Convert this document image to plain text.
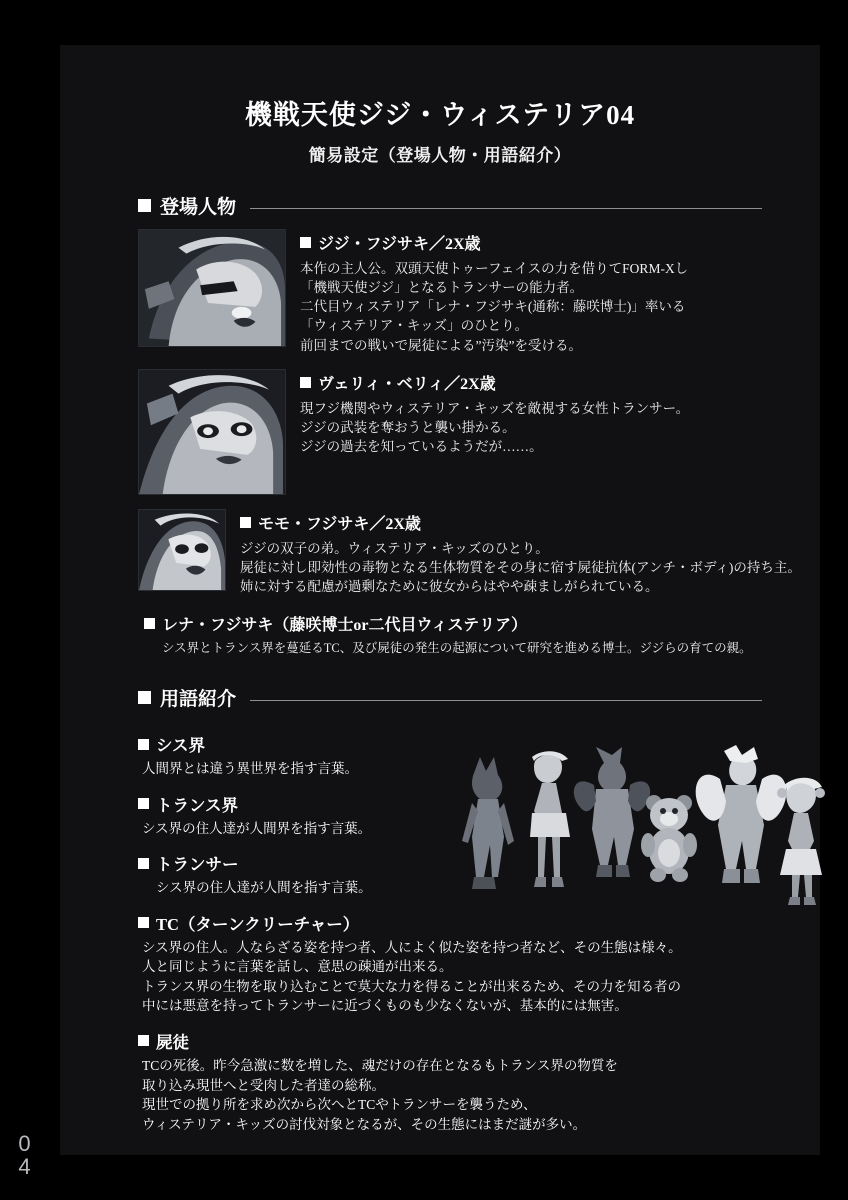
0
4
機戦天使ジジ・ウィステリア04
簡易設定（登場人物・用語紹介）
登場人物
ジジ・フジサキ／2X歳
本作の主人公。双頭天使トゥーフェイスの力を借りてFORM-Xし
「機戦天使ジジ」となるトランサーの能力者。
二代目ウィステリア「レナ・フジサキ(通称：藤咲博士)」率いる
「ウィステリア・キッズ」のひとり。
前回までの戦いで屍徒による”汚染”を受ける。
ヴェリィ・ベリィ／2X歳
現フジ機関やウィステリア・キッズを敵視する女性トランサー。
ジジの武装を奪おうと襲い掛かる。
ジジの過去を知っているようだが……。
モモ・フジサキ／2X歳
ジジの双子の弟。ウィステリア・キッズのひとり。
屍徒に対し即効性の毒物となる生体物質をその身に宿す屍徒抗体(アンチ・ボディ)の持ち主。
姉に対する配慮が過剰なために彼女からはやや疎ましがられている。
レナ・フジサキ（藤咲博士or二代目ウィステリア）
シス界とトランス界を蔓延るTC、及び屍徒の発生の起源について研究を進める博士。ジジらの育ての親。
用語紹介
シス界
人間界とは違う異世界を指す言葉。
トランス界
シス界の住人達が人間界を指す言葉。
トランサー
シス界の住人達が人間を指す言葉。
TC（ターンクリーチャー）
シス界の住人。人ならざる姿を持つ者、人によく似た姿を持つ者など、その生態は様々。
人と同じように言葉を話し、意思の疎通が出来る。
トランス界の生物を取り込むことで莫大な力を得ることが出来るため、その力を知る者の
中には悪意を持ってトランサーに近づくものも少なくないが、基本的には無害。
屍徒
TCの死後。昨今急激に数を増した、魂だけの存在となるもトランス界の物質を
取り込み現世へと受肉した者達の総称。
現世での拠り所を求め次から次へとTCやトランサーを襲うため、
ウィステリア・キッズの討伐対象となるが、その生態にはまだ謎が多い。
